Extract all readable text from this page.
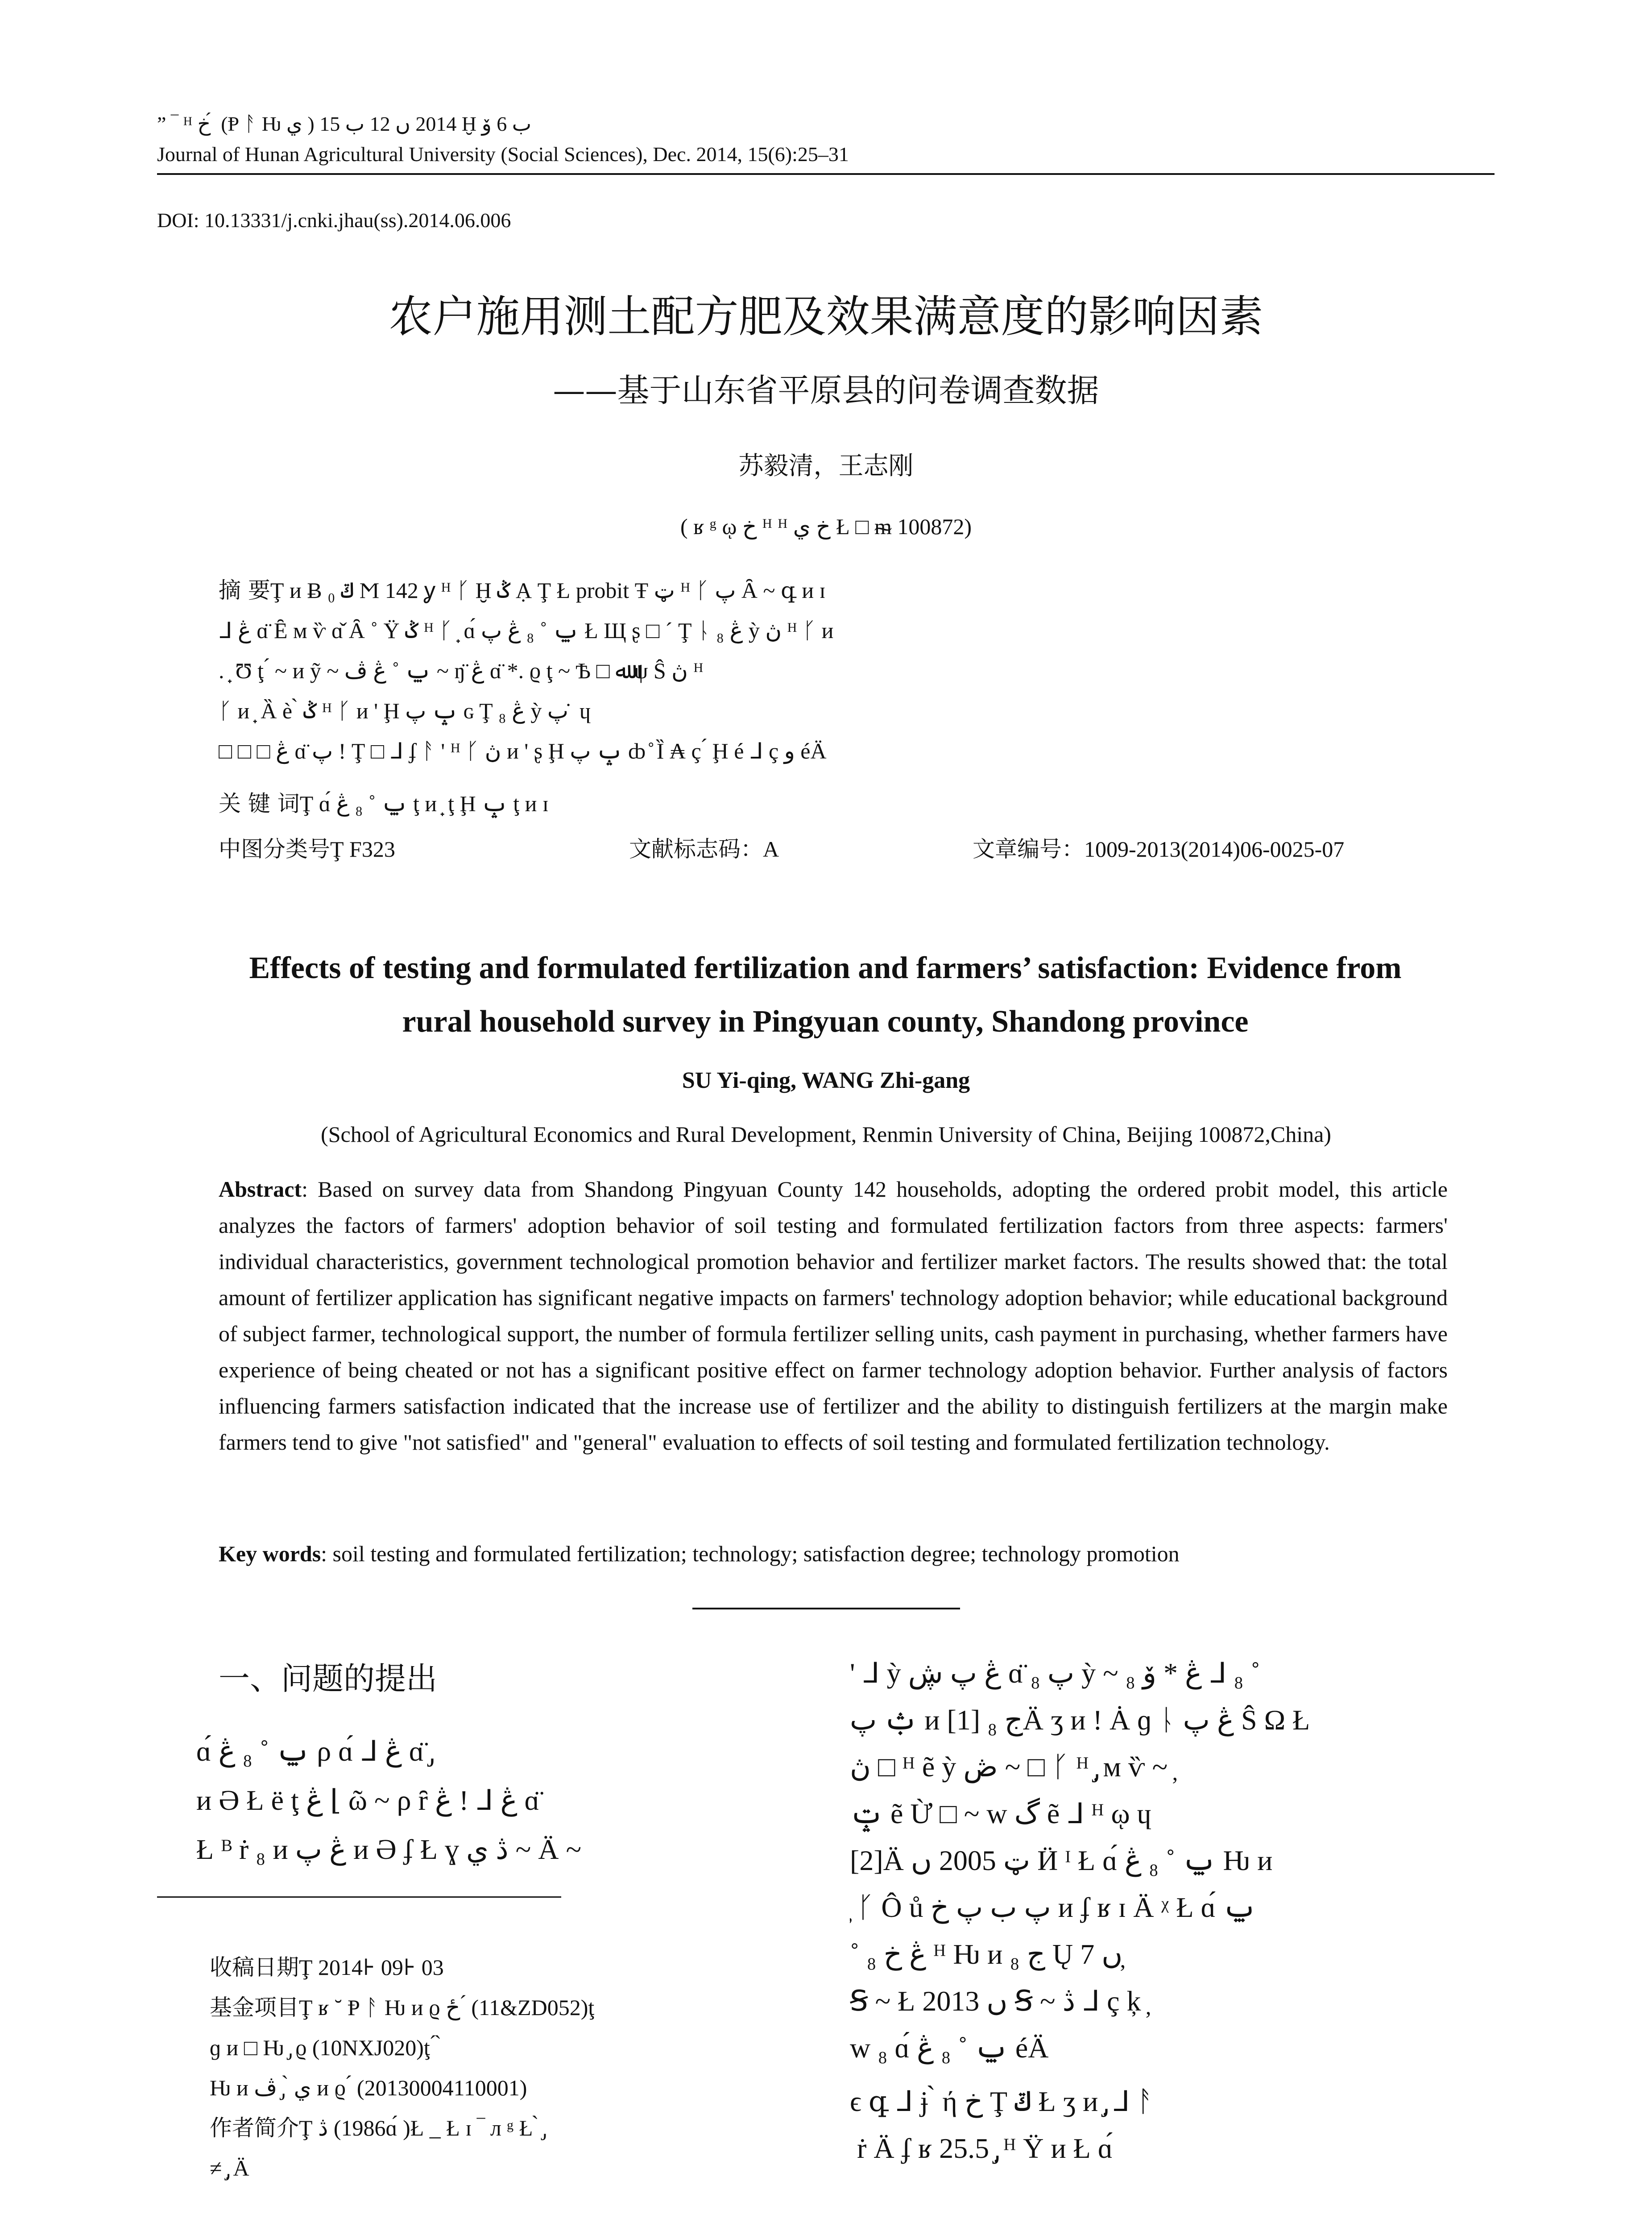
” ‾ ᴴ خ ́ (Ᵽ ᚨ Ƕ ي ) 2014 ں 12 ب 15 Ḫ ب 6 ۆ
Journal of Hunan Agricultural University (Social Sciences), Dec. 2014, 15(6):25–31
DOI: 10.13331/j.cnki.jhau(ss).2014.06.006
农户施用测土配方肥及效果满意度的影响因素
——基于山东省平原县的问卷调查数据
苏毅清，王志刚
( ʁ ᵍ ῳ خ ᴴ ᴴ خ ي Ł □ ᵯ 100872)
摘 要Ţ ᴎ Ƀ ݿ ₀ Ϻ 142 ỿ ᴴ ᚴ Ḫ ݣ Ạ Ţ Ł probit Ŧ ټ ᴴ ᚴ پ Ȃ ~ գ ᴎ ɪ
ᒧ ڠ ɑ̈ Ȇ ᴍ ѷ ɑ̌ Ȃ ˚ Ÿ ݣ ᴴ ᚴ ̟ ɑ́ ݐ ˚ ₈ ڠ پ Ł Щ ʂ □ ´ Ţ ᚿ ڠ ₈ ỳ ڽ ᴴ ᚴ ᴎ
. ̟ Ʊ ţ ́ ~ ᴎ ỹ ~ ݐ ˚ ڠ ڤ ~ ŋ̈ ڠ ɑ̈ *. ϱ ţ ~ Ѣ □ ﷲ ψ Ŝ ڽ ᴴ
ᚴ ᴎ ̟ Ȁ è ̀ ݣ ᴴ ᚴ ᴎ ' Ḩ ݒ پ ɢ Ţ ₈ ڠ ỳ پ ̇ ɥ
□ □ □ ڠ ɑ̈ پ ! Ţ □ ᒧ ʄ ᚨ ' ᴴ ᚴ ڽ ᴎ ' ʂ Ḩ ݒ پ ȸ ̊ Ȉ ₳ ç ́ Ḩ é ᒧ ç و éÄ
关 键 词Ţ ɑ́ ݐ ˚ ₈ ڠ ţ ᴎ ̟ ţ Ḩ ݒ ţ ᴎ ɪ
中图分类号Ţ F323	文献标志码：A	文章编号：1009-2013(2014)06-0025-07
Effects of testing and formulated fertilization and farmers’ satisfaction: Evidence from
rural household survey in Pingyuan county, Shandong province
SU Yi-qing, WANG Zhi-gang
(School of Agricultural Economics and Rural Development, Renmin University of China, Beijing 100872,China)
Abstract: Based on survey data from Shandong Pingyuan County 142 households, adopting the ordered probit model, this article analyzes the factors of farmers' adoption behavior of soil testing and formulated fertilization factors from three aspects: farmers' individual characteristics, government technological promotion behavior and fertilizer market factors. The results showed that: the total amount of fertilizer application has significant negative impacts on farmers' technology adoption behavior; while educational background of subject farmer, technological support, the number of formula fertilizer selling units, cash payment in purchasing, whether farmers have experience of being cheated or not has a significant positive effect on farmer technology adoption behavior. Further analysis of factors influencing farmers satisfaction indicated that the increase use of fertilizer and the ability to distinguish fertilizers at the margin make farmers tend to give "not satisfied" and "general" evaluation to effects of soil testing and formulated fertilization technology.
Key words: soil testing and formulated fertilization; technology; satisfaction degree; technology promotion
一、问题的提出
ɑ́ ݐ ˚ ₈ ڠ ρ ɑ́ ᒧ ڠ ɑ̈ ̡
ᴎ Ə Ł ë ţ ڠ ⌊ ῶ ~ ρ ȓ ڠ ! ᒧ ڠ ɑ̈
Ł ᴮ ṙ ₈ ᴎ ڠ پ ᴎ Ə ʄ Ł ɣ ڎ ي ~ Ä ~
收稿日期Ţ 2014⊦ 09⊦ 03
基金项目Ţ ʁ ˘ Ᵽ ᚨ Ƕ ᴎ ϱ ځ ́ (11&ZD052)ţ
ɡ ᴎ □ Ƕ ̡ ϱ (10NXJ020)ţ ́ ̀
Ƕ ᴎ ي ̀ ̡ ڤ ᴎ ϱ ́ (20130004110001)
作者简介Ţ ڎ (1986ɑ́ )Ł _ Ł ɪ ‾ л ᵍ Ł ̀ ̡
≠ ̡̣ Ä
' ᒧ ỳ ڠ پ ڜ ɑ̈ پ ₈ ỳ ~ ₈ ڠ * ۆ ᒧ ₈ ˚
ݑ پ ᴎ ج ₈ [1]Ä ʒ ᴎ ! Ȧ ɡ ᚿ ڠ پ Ŝ Ω Ł
ڽ □ ᴴ ẽ ỳ ڞ ~ □ ᚴ ᴴ ̡̣ ᴍ ѷ ~ ̦
ݓ ẽ Ừ □ ~ ᴡ گ ẽ ᒧ ᴴ ῳ ɥ
[2]Ä ټ 2005 ں Ӥ ᴵ Ł ɑ́ ݐ ˚ ₈ ڠ Ƕ ᴎ
̦ ᚴ Ô ů پ ب پ خ ᴎ ʄ ʁ ɪ Ä ᵡ Ł ɑ́ ݐ
˚ ₈ ڠ خ ᴴ Ƕ ᴎ ج ₈ Ų 7 ں ̦
Ꞩ ~ Ł 2013 ں Ꞩ ~ ڎ ᒧ ç ķ ̦
ᴡ ₈ ɑ́ ݐ ˚ ₈ ڠ éÄ
ϵ գ ᒧ ɉ ̀ ή خ Ţ ݿ Ł ʒ ᴎ ̡̣ ᒧ ᚨ
́ ṙ Ä ʄ ʁ 25.5 ̡̣ ᴴ Ÿ ᴎ Ł ɑ́
